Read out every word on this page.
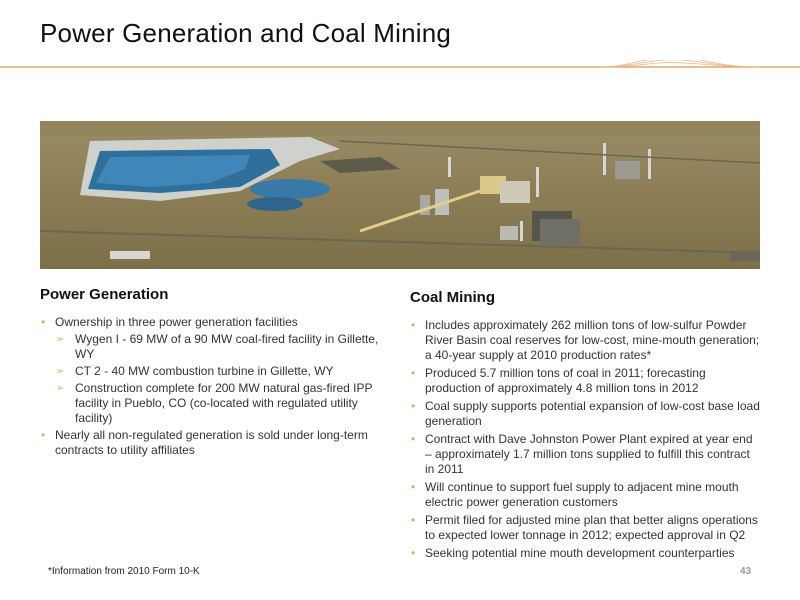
Power Generation and Coal Mining
Power Generation
• Ownership in three power generation facilities
➢ Wygen I - 69 MW of a 90 MW coal-fired facility in Gillette, WY
➢ CT 2 - 40 MW combustion turbine in Gillette, WY
➢ Construction complete for 200 MW natural gas-fired IPP facility in Pueblo, CO (co-located with regulated utility facility)
• Nearly all non-regulated generation is sold under long-term contracts to utility affiliates
Coal Mining
• Includes approximately 262 million tons of low-sulfur Powder River Basin coal reserves for low-cost, mine-mouth generation; a 40-year supply at 2010 production rates*
• Produced 5.7 million tons of coal in 2011; forecasting production of approximately 4.8 million tons in 2012
• Coal supply supports potential expansion of low-cost base load generation
• Contract with Dave Johnston Power Plant expired at year end – approximately 1.7 million tons supplied to fulfill this contract in 2011
• Will continue to support fuel supply to adjacent mine mouth electric power generation customers
• Permit filed for adjusted mine plan that better aligns operations to expected lower tonnage in 2012; expected approval in Q2
• Seeking potential mine mouth development counterparties
*Information from 2010 Form 10-K	43
